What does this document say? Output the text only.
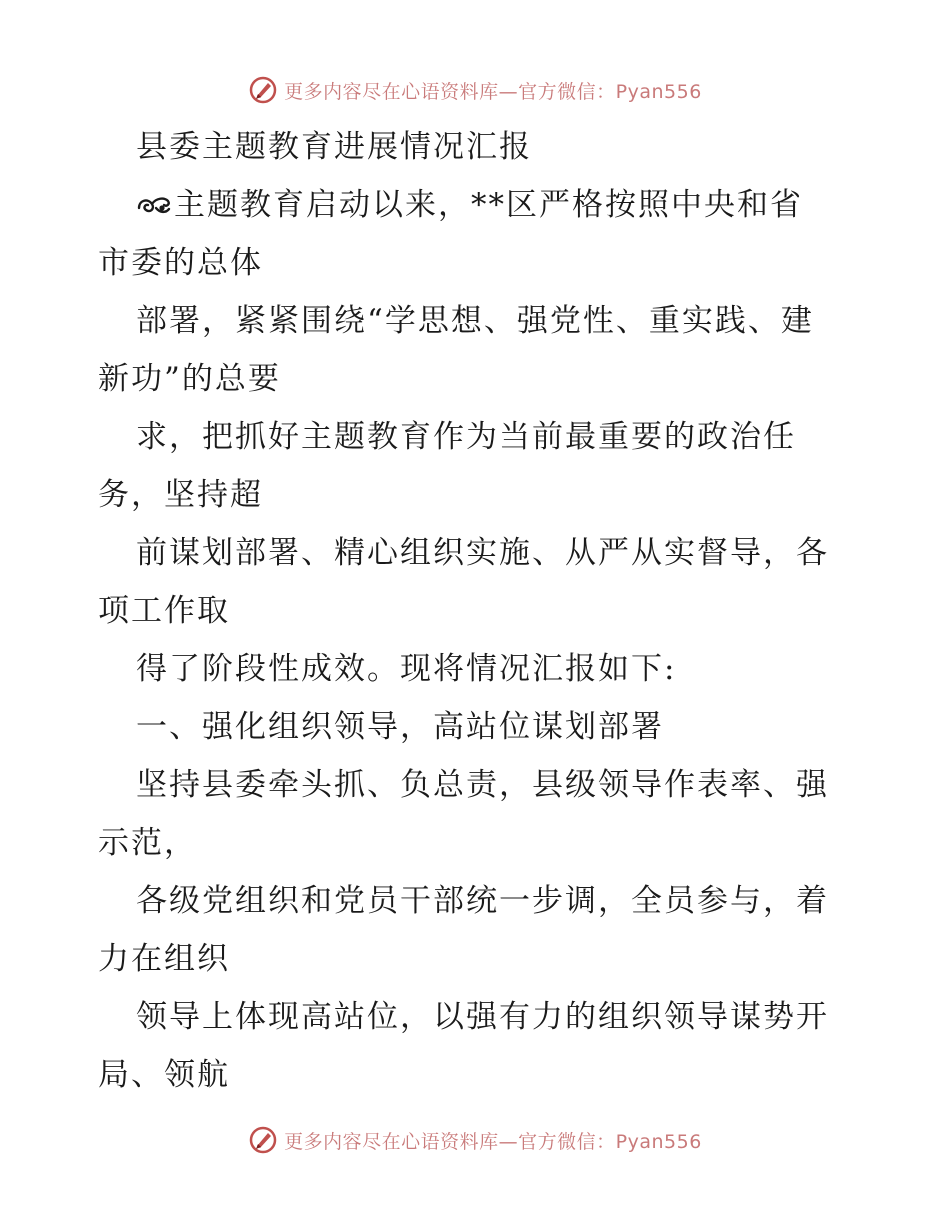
更多内容尽在心语资料库—官方微信：Pyan556
县委主题教育进展情况汇报
主题教育启动以来，**区严格按照中央和省
市委的总体
部署，紧紧围绕“学思想、强党性、重实践、建
新功”的总要
求，把抓好主题教育作为当前最重要的政治任
务，坚持超
前谋划部署、精心组织实施、从严从实督导，各
项工作取
得了阶段性成效。现将情况汇报如下:
一、强化组织领导，高站位谋划部署
坚持县委牵头抓、负总责，县级领导作表率、强
示范，
各级党组织和党员干部统一步调，全员参与，着
力在组织
领导上体现高站位，以强有力的组织领导谋势开
局、领航
更多内容尽在心语资料库—官方微信：Pyan556
